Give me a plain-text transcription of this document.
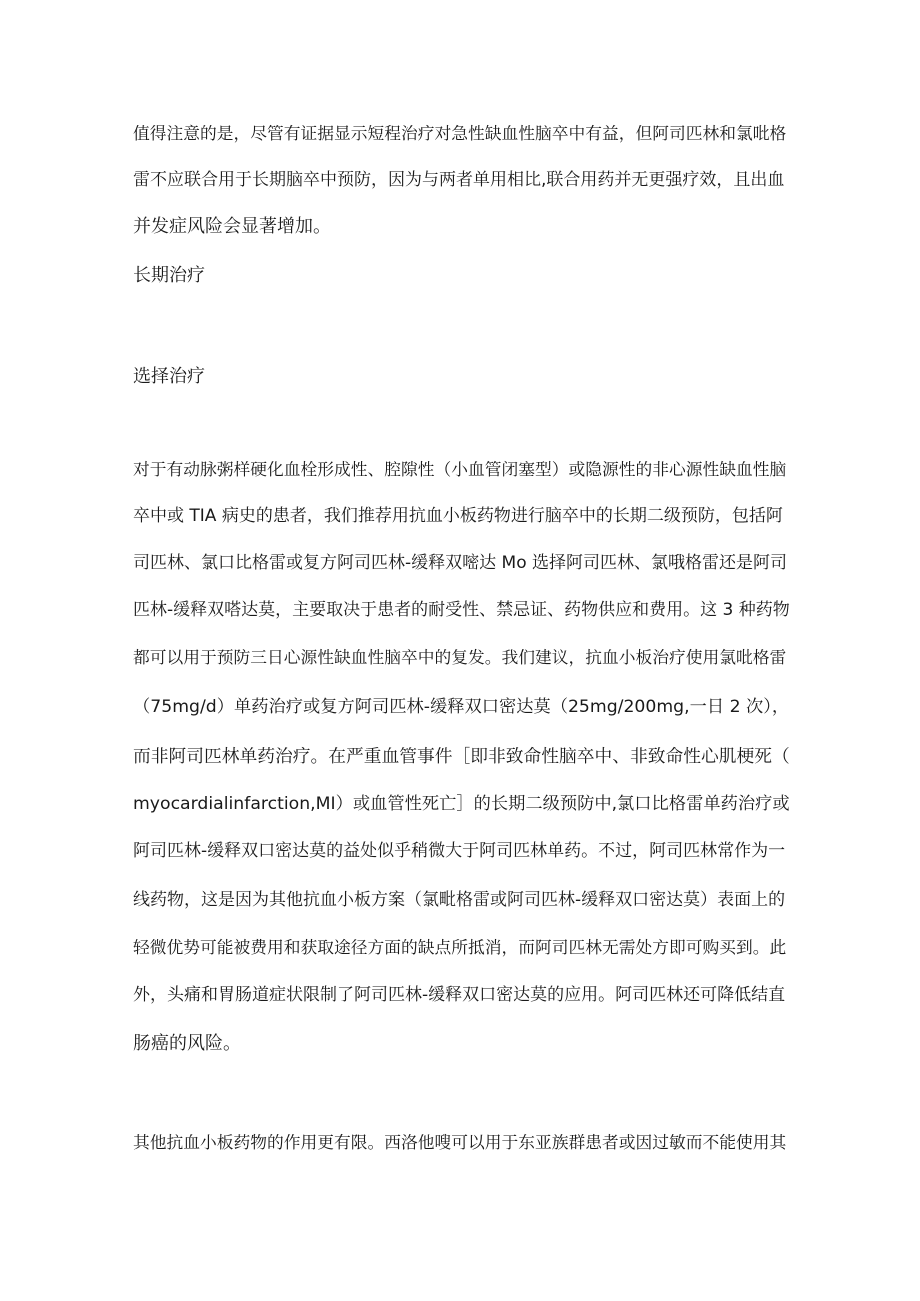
值得注意的是，尽管有证据显示短程治疗对急性缺血性脑卒中有益，但阿司匹林和氯吡格
雷不应联合用于长期脑卒中预防，因为与两者单用相比,联合用药并无更强疗效，且出血
并发症风险会显著增加。
长期治疗
选择治疗
对于有动脉粥样硬化血栓形成性、腔隙性（小血管闭塞型）或隐源性的非心源性缺血性脑
卒中或 TIA 病史的患者，我们推荐用抗血小板药物进行脑卒中的长期二级预防，包括阿
司匹林、氯口比格雷或复方阿司匹林-缓释双嘧达 Mo 选择阿司匹林、氯哦格雷还是阿司
匹林-缓释双嗒达莫，主要取决于患者的耐受性、禁忌证、药物供应和费用。这 3 种药物
都可以用于预防三日心源性缺血性脑卒中的复发。我们建议，抗血小板治疗使用氯吡格雷
（75mg∕d）单药治疗或复方阿司匹林-缓释双口密达莫（25mg∕200mg,一日 2 次），
而非阿司匹林单药治疗。在严重血管事件［即非致命性脑卒中、非致命性心肌梗死（
myocardialinfarction,MI）或血管性死亡］的长期二级预防中,氯口比格雷单药治疗或
阿司匹林-缓释双口密达莫的益处似乎稍微大于阿司匹林单药。不过，阿司匹林常作为一
线药物，这是因为其他抗血小板方案（氯毗格雷或阿司匹林-缓释双口密达莫）表面上的
轻微优势可能被费用和获取途径方面的缺点所抵消，而阿司匹林无需处方即可购买到。此
外，头痛和胃肠道症状限制了阿司匹林-缓释双口密达莫的应用。阿司匹林还可降低结直
肠癌的风险。
其他抗血小板药物的作用更有限。西洛他嗖可以用于东亚族群患者或因过敏而不能使用其
